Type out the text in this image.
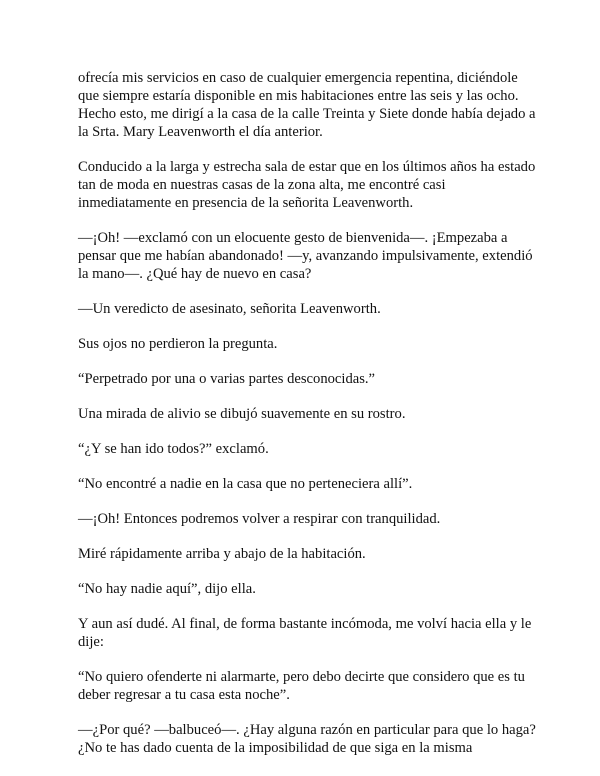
ofrecía mis servicios en caso de cualquier emergencia repentina, diciéndole que siempre estaría disponible en mis habitaciones entre las seis y las ocho. Hecho esto, me dirigí a la casa de la calle Treinta y Siete donde había dejado a la Srta. Mary Leavenworth el día anterior.

Conducido a la larga y estrecha sala de estar que en los últimos años ha estado tan de moda en nuestras casas de la zona alta, me encontré casi inmediatamente en presencia de la señorita Leavenworth.

—¡Oh! —exclamó con un elocuente gesto de bienvenida—. ¡Empezaba a pensar que me habían abandonado! —y, avanzando impulsivamente, extendió la mano—. ¿Qué hay de nuevo en casa?

—Un veredicto de asesinato, señorita Leavenworth.

Sus ojos no perdieron la pregunta.

“Perpetrado por una o varias partes desconocidas.”

Una mirada de alivio se dibujó suavemente en su rostro.

“¿Y se han ido todos?” exclamó.

“No encontré a nadie en la casa que no perteneciera allí”.

—¡Oh! Entonces podremos volver a respirar con tranquilidad.

Miré rápidamente arriba y abajo de la habitación.

“No hay nadie aquí”, dijo ella.

Y aun así dudé. Al final, de forma bastante incómoda, me volví hacia ella y le dije:

“No quiero ofenderte ni alarmarte, pero debo decirte que considero que es tu deber regresar a tu casa esta noche”.

—¿Por qué? —balbuceó—. ¿Hay alguna razón en particular para que lo haga? ¿No te has dado cuenta de la imposibilidad de que siga en la misma
